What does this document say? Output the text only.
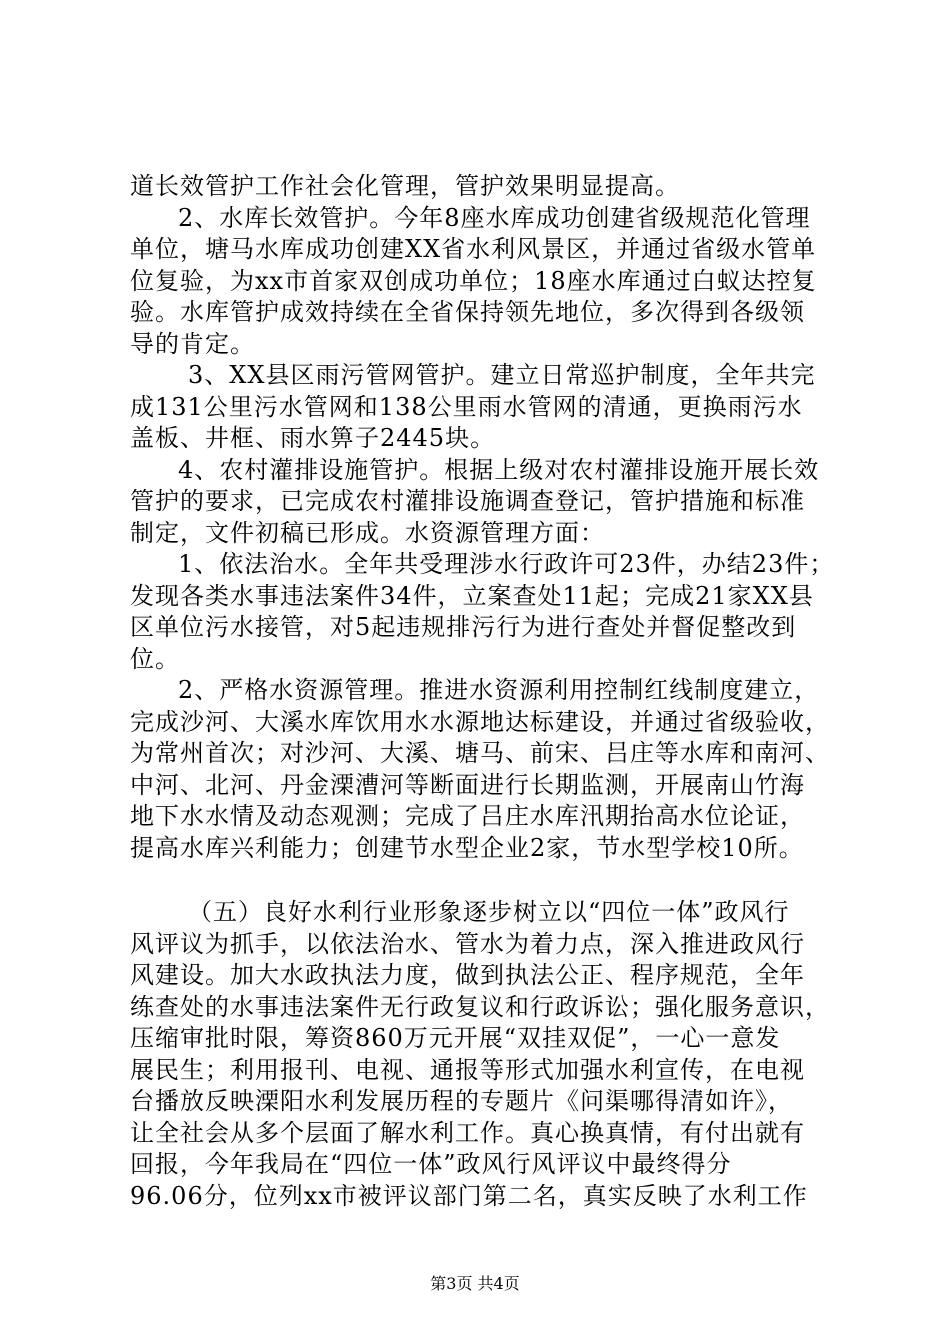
道长效管护工作社会化管理，管护效果明显提高。
2、水库长效管护。今年8座水库成功创建省级规范化管理
单位，塘马水库成功创建XX省水利风景区，并通过省级水管单
位复验，为xx市首家双创成功单位；18座水库通过白蚁达控复
验。水库管护成效持续在全省保持领先地位，多次得到各级领
导的肯定。
3、XX县区雨污管网管护。建立日常巡护制度，全年共完
成131公里污水管网和138公里雨水管网的清通，更换雨污水
盖板、井框、雨水箅子2445块。
4、农村灌排设施管护。根据上级对农村灌排设施开展长效
管护的要求，已完成农村灌排设施调查登记，管护措施和标准
制定，文件初稿已形成。水资源管理方面：
1、依法治水。全年共受理涉水行政许可23件，办结23件；
发现各类水事违法案件34件，立案查处11起；完成21家XX县
区单位污水接管，对5起违规排污行为进行查处并督促整改到
位。
2、严格水资源管理。推进水资源利用控制红线制度建立，
完成沙河、大溪水库饮用水水源地达标建设，并通过省级验收，
为常州首次；对沙河、大溪、塘马、前宋、吕庄等水库和南河、
中河、北河、丹金溧漕河等断面进行长期监测，开展南山竹海
地下水水情及动态观测；完成了吕庄水库汛期抬高水位论证，
提高水库兴利能力；创建节水型企业2家，节水型学校10所。
（五）良好水利行业形象逐步树立以“四位一体”政风行
风评议为抓手，以依法治水、管水为着力点，深入推进政风行
风建设。加大水政执法力度，做到执法公正、程序规范，全年
练查处的水事违法案件无行政复议和行政诉讼；强化服务意识，
压缩审批时限，筹资860万元开展“双挂双促”，一心一意发
展民生；利用报刊、电视、通报等形式加强水利宣传，在电视
台播放反映溧阳水利发展历程的专题片《问渠哪得清如许》，
让全社会从多个层面了解水利工作。真心换真情，有付出就有
回报，今年我局在“四位一体”政风行风评议中最终得分
96.06分，位列xx市被评议部门第二名，真实反映了水利工作
第3页 共4页
